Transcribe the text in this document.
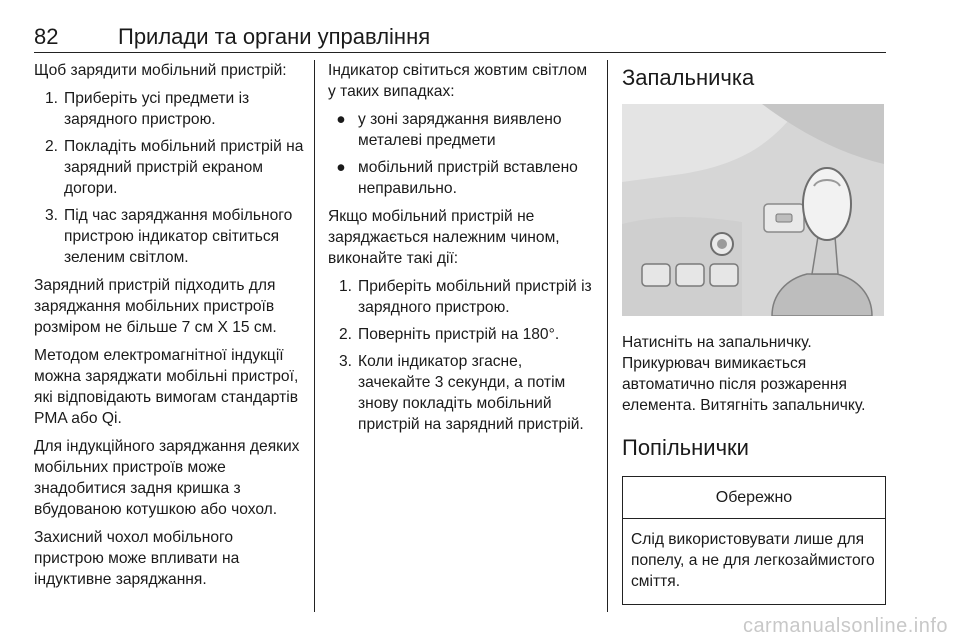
82	Прилади та органи управління

Щоб зарядити мобільний пристрій:

1. Приберіть усі предмети із зарядного пристрою.
2. Покладіть мобільний пристрій на зарядний пристрій екраном догори.
3. Під час заряджання мобільного пристрою індикатор світиться зеленим світлом.

Зарядний пристрій підходить для заряджання мобільних пристроїв розміром не більше 7 см X 15 см.

Методом електромагнітної індукції можна заряджати мобільні пристрої, які відповідають вимогам стандартів PMA або Qi.

Для індукційного заряджання деяких мобільних пристроїв може знадобитися задня кришка з вбудованою котушкою або чохол.

Захисний чохол мобільного пристрою може впливати на індуктивне заряджання.

Індикатор світиться жовтим світлом у таких випадках:

● у зоні заряджання виявлено металеві предмети
● мобільний пристрій вставлено неправильно.

Якщо мобільний пристрій не заряджається належним чином, виконайте такі дії:

1. Приберіть мобільний пристрій із зарядного пристрою.
2. Поверніть пристрій на 180°.
3. Коли індикатор згасне, зачекайте 3 секунди, а потім знову покладіть мобільний пристрій на зарядний пристрій.
Запальничка

Натисніть на запальничку. Прикурювач вимикається автоматично після розжарення елемента. Витягніть запальничку.

Попільнички
Обережно
Слід використовувати лише для попелу, а не для легкозаймистого сміття.
carmanualsonline.info
